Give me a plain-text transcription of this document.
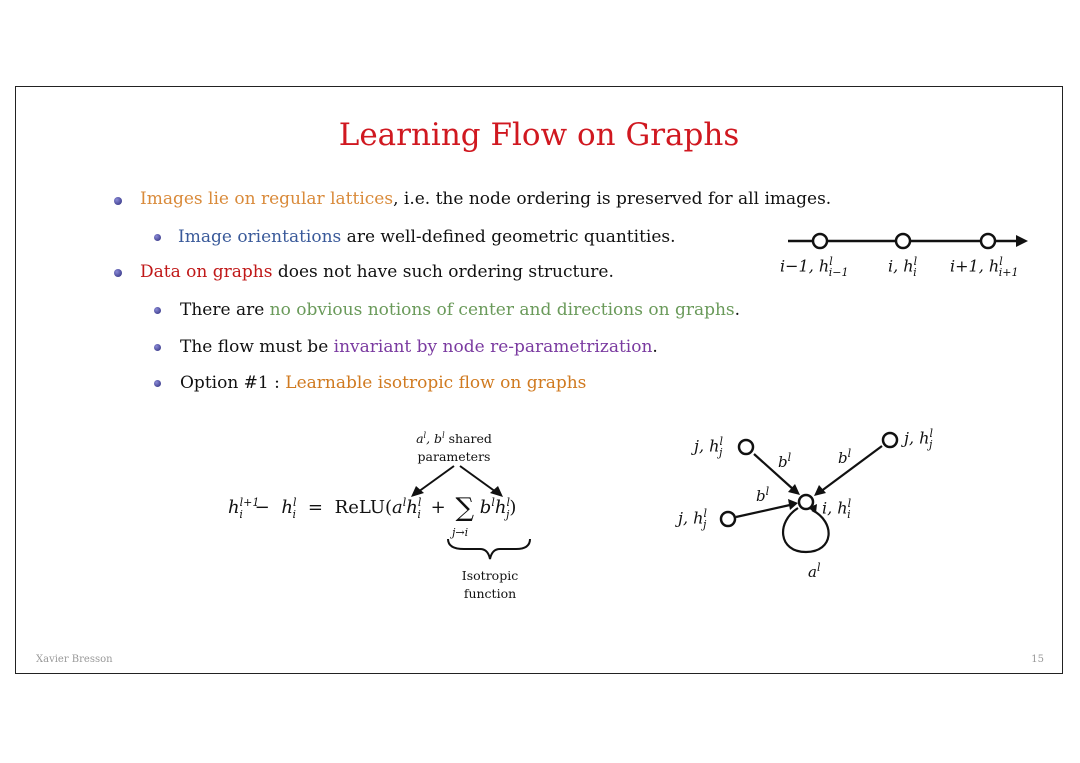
Learning Flow on Graphs
Images lie on regular lattices, i.e. the node ordering is preserved for all images.
Image orientations are well-defined geometric quantities.
Data on graphs does not have such ordering structure.
There are no obvious notions of center and directions on graphs.
The flow must be invariant by node re-parametrization.
Option #1 : Learnable isotropic flow on graphs
i−1, $h^l_{i-1}$ i, $h^l_i$ i+1, $h^l_{i+1}$
$a^l$, $b^l$ shared
parameters
$h^{l+1}_i - h^l_i$ = $ReLU(a^lh^l_i$ + ∑ $b^lh^l_j$)
j→i
Isotropic
function
j, $h^l_j$
j, $h^l_j$
j, $h^l_j$
i, $h^l_i$
$b^l$	$b^l$
$b^l$
$a^l$
Xavier Bresson	15
